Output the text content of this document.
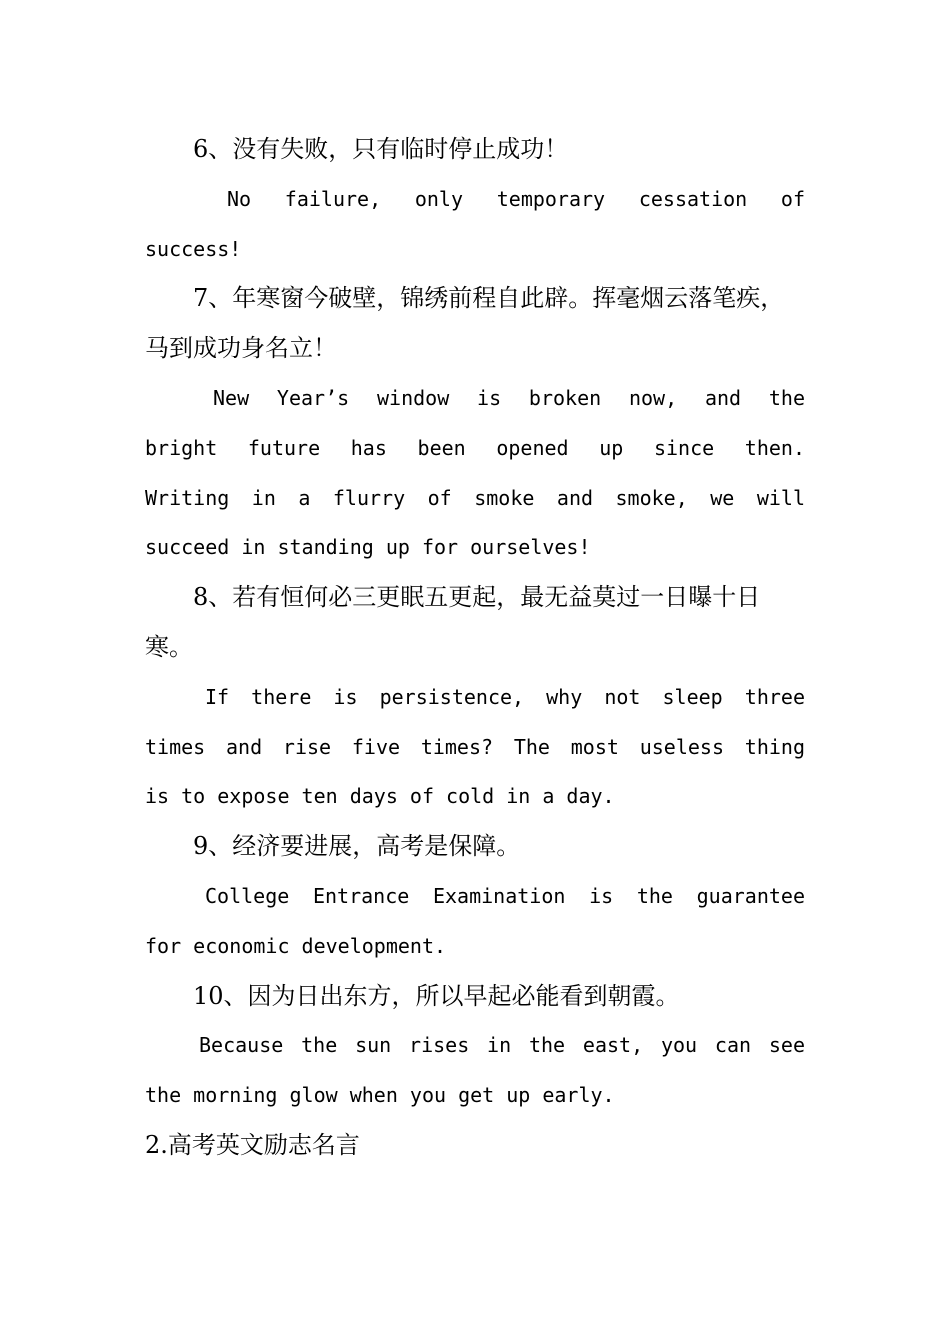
6、没有失败，只有临时停止成功！
No failure, only temporary cessation of
success!
7、年寒窗今破壁，锦绣前程自此辟。挥毫烟云落笔疾，
马到成功身名立！
New Year’s window is broken now, and the
bright future has been opened up since then.
Writing in a flurry of smoke and smoke, we will
succeed in standing up for ourselves!
8、若有恒何必三更眠五更起，最无益莫过一日曝十日
寒。
If there is persistence, why not sleep three
times and rise five times? The most useless thing
is to expose ten days of cold in a day.
9、经济要进展，高考是保障。
College Entrance Examination is the guarantee
for economic development.
10、因为日出东方，所以早起必能看到朝霞。
Because the sun rises in the east, you can see
the morning glow when you get up early.
2.高考英文励志名言
